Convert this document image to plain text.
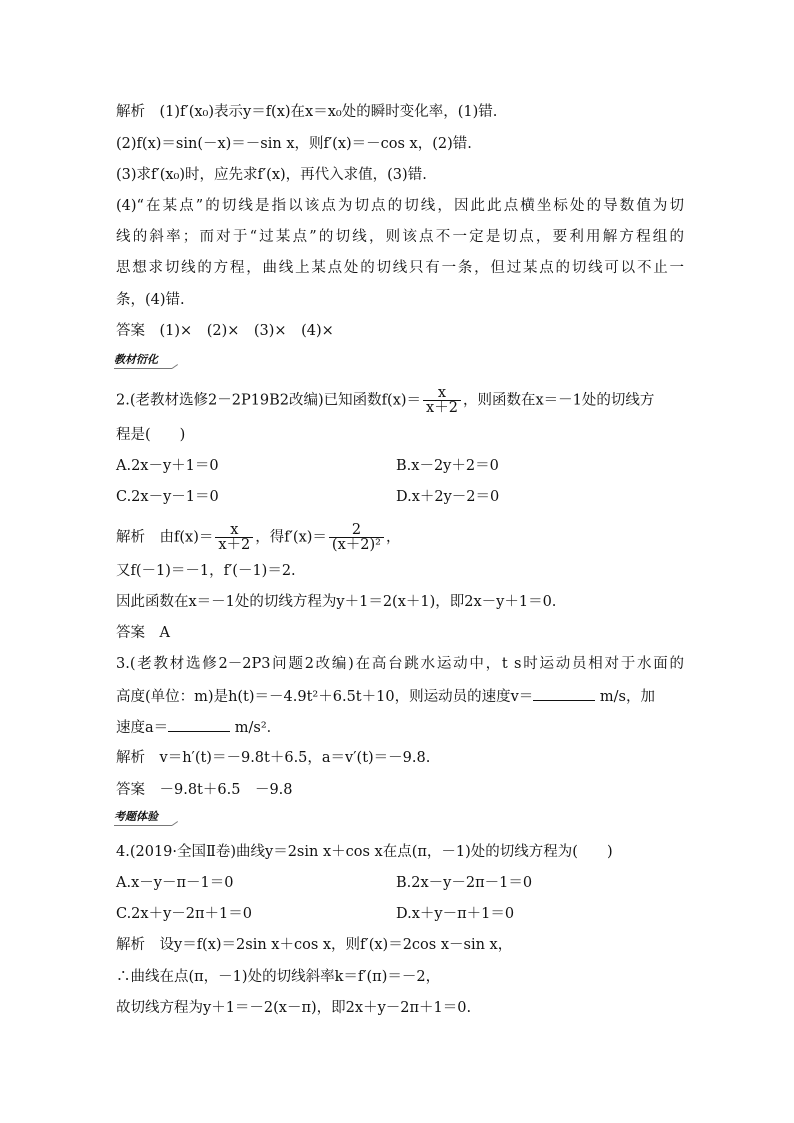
解析　(1)f′(x₀)表示y＝f(x)在x＝x₀处的瞬时变化率，(1)错.
(2)f(x)＝sin(－x)＝－sin x，则f′(x)＝－cos x，(2)错.
(3)求f′(x₀)时，应先求f′(x)，再代入求值，(3)错.
(4)“在某点”的切线是指以该点为切点的切线，因此此点横坐标处的导数值为切
线的斜率；而对于“过某点”的切线，则该点不一定是切点，要利用解方程组的
思想求切线的方程，曲线上某点处的切线只有一条，但过某点的切线可以不止一
条，(4)错.
答案　(1)×　(2)×　(3)×　(4)×
教材衍化
2.(老教材选修2－2P19B2改编)已知函数$f(x)= \frac{x}{x+2}$ ，则函数在x＝－1处的切线方
程是(　　)
A.2x－y＋1＝0	B.x－2y＋2＝0
C.2x－y－1＝0	D.x＋2y－2＝0
解析　由$f(x)= \frac{x}{x+2}$ ，得$f'(x)= \frac{2}{\text{(x＋2)²}}$ ，
又f(－1)＝－1，f′(－1)＝2.
因此函数在x＝－1处的切线方程为y＋1＝2(x＋1)，即2x－y＋1＝0.
答案　A
3.(老教材选修2－2P3问题2改编)在高台跳水运动中，t s时运动员相对于水面的
高度(单位：m)是h(t)＝－4.9t²＋6.5t＋10，则运动员的速度v＝	m/s，加
速度a＝	m/s²．
解析　v＝h′(t)＝－9.8t＋6.5，a＝v′(t)＝－9.8.
答案　－9.8t＋6.5　－9.8
考题体验
4.(2019·全国Ⅱ卷)曲线y＝2sin x＋cos x在点(π，－1)处的切线方程为(　　)
A.x－y－π－1＝0	B.2x－y－2π－1＝0
C.2x＋y－2π＋1＝0	D.x＋y－π＋1＝0
解析　设y＝f(x)＝2sin x＋cos x，则f′(x)＝2cos x－sin x，
∴曲线在点(π，－1)处的切线斜率k＝f′(π)＝－2，
故切线方程为y＋1＝－2(x－π)，即2x＋y－2π＋1＝0.
